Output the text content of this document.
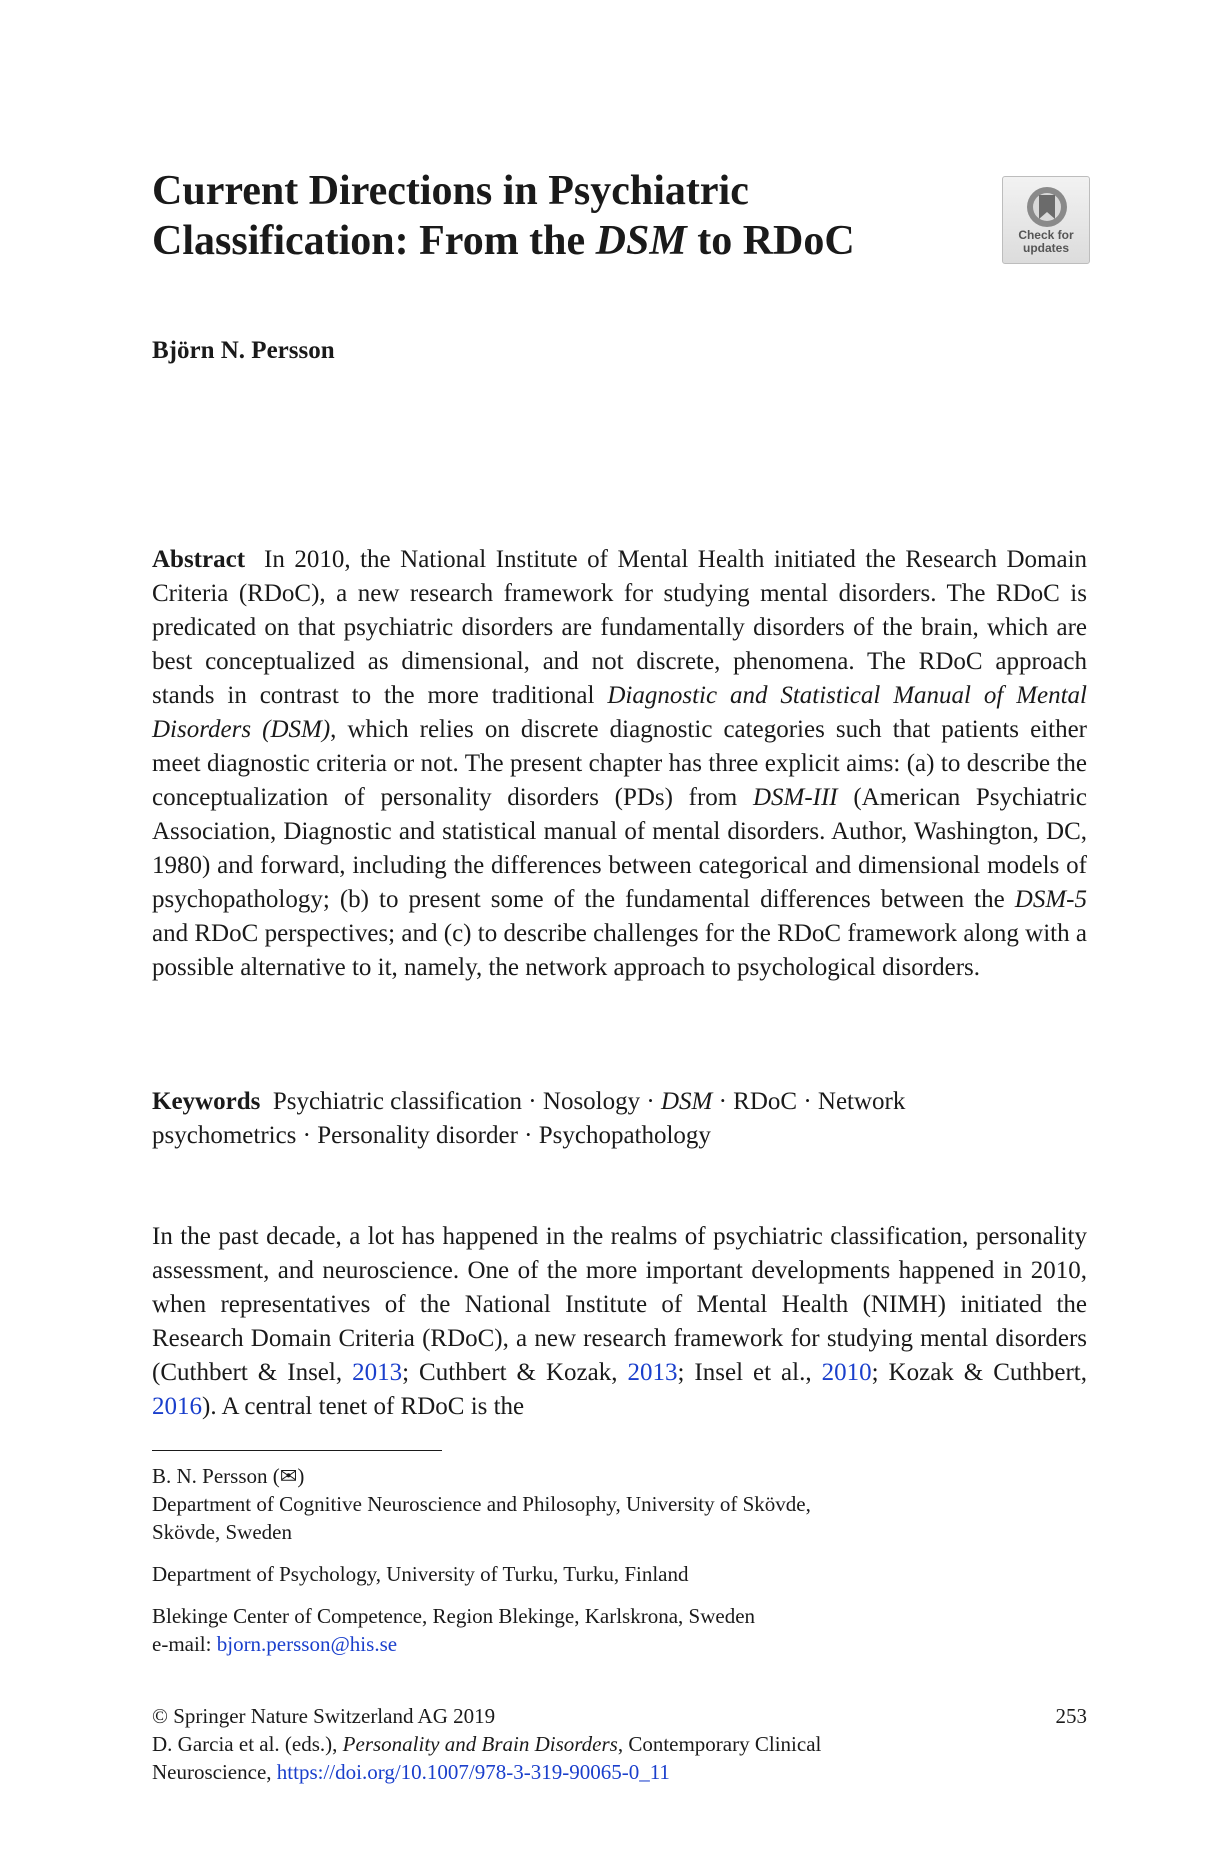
Current Directions in Psychiatric
Classification: From the DSM to RDoC	Check for
updates
Björn N. Persson

Abstract In 2010, the National Institute of Mental Health initiated the Research Domain Criteria (RDoC), a new research framework for studying mental disorders. The RDoC is predicated on that psychiatric disorders are fundamentally disorders of the brain, which are best conceptualized as dimensional, and not discrete, phenomena. The RDoC approach stands in contrast to the more traditional Diagnostic and Statistical Manual of Mental Disorders (DSM), which relies on discrete diagnostic categories such that patients either meet diagnostic criteria or not. The present chapter has three explicit aims: (a) to describe the conceptualization of personality disorders (PDs) from DSM-III (American Psychiatric Association, Diagnostic and statistical manual of mental disorders. Author, Washington, DC, 1980) and forward, including the differences between categorical and dimensional models of psychopathology; (b) to present some of the fundamental differences between the DSM-5 and RDoC perspectives; and (c) to describe challenges for the RDoC framework along with a possible alternative to it, namely, the network approach to psychological disorders.

Keywords Psychiatric classification · Nosology · DSM · RDoC · Network psychometrics · Personality disorder · Psychopathology

In the past decade, a lot has happened in the realms of psychiatric classification, personality assessment, and neuroscience. One of the more important developments happened in 2010, when representatives of the National Institute of Mental Health (NIMH) initiated the Research Domain Criteria (RDoC), a new research framework for studying mental disorders (Cuthbert & Insel, 2013; Cuthbert & Kozak, 2013; Insel et al., 2010; Kozak & Cuthbert, 2016). A central tenet of RDoC is the

B. N. Persson (✉)
Department of Cognitive Neuroscience and Philosophy, University of Skövde,
Skövde, Sweden

Department of Psychology, University of Turku, Turku, Finland

Blekinge Center of Competence, Region Blekinge, Karlskrona, Sweden
e-mail: bjorn.persson@his.se

© Springer Nature Switzerland AG 2019	253

D. Garcia et al. (eds.), Personality and Brain Disorders, Contemporary Clinical
Neuroscience, https://doi.org/10.1007/978-3-319-90065-0_11
